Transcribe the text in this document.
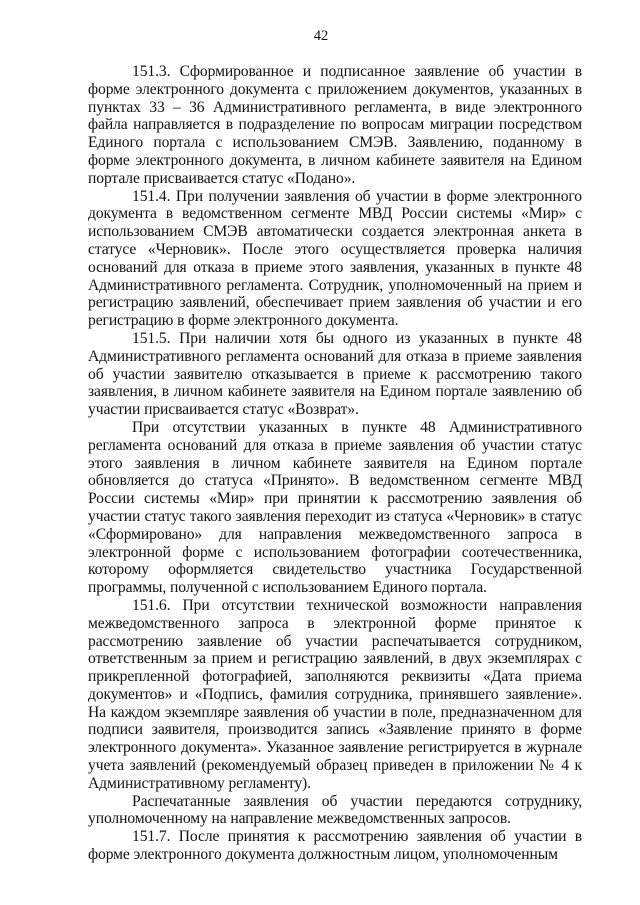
42

151.3. Сформированное и подписанное заявление об участии в форме электронного документа с приложением документов, указанных в пунктах 33 – 36 Административного регламента, в виде электронного файла направляется в подразделение по вопросам миграции посредством Единого портала с использованием СМЭВ. Заявлению, поданному в форме электронного документа, в личном кабинете заявителя на Едином портале присваивается статус «Подано».

151.4. При получении заявления об участии в форме электронного документа в ведомственном сегменте МВД России системы «Мир» с использованием СМЭВ автоматически создается электронная анкета в статусе «Черновик». После этого осуществляется проверка наличия оснований для отказа в приеме этого заявления, указанных в пункте 48 Административного регламента. Сотрудник, уполномоченный на прием и регистрацию заявлений, обеспечивает прием заявления об участии и его регистрацию в форме электронного документа.

151.5. При наличии хотя бы одного из указанных в пункте 48 Административного регламента оснований для отказа в приеме заявления об участии заявителю отказывается в приеме к рассмотрению такого заявления, в личном кабинете заявителя на Едином портале заявлению об участии присваивается статус «Возврат».

При отсутствии указанных в пункте 48 Административного регламента оснований для отказа в приеме заявления об участии статус этого заявления в личном кабинете заявителя на Едином портале обновляется до статуса «Принято». В ведомственном сегменте МВД России системы «Мир» при принятии к рассмотрению заявления об участии статус такого заявления переходит из статуса «Черновик» в статус «Сформировано» для направления межведомственного запроса в электронной форме с использованием фотографии соотечественника, которому оформляется свидетельство участника Государственной программы, полученной с использованием Единого портала.

151.6. При отсутствии технической возможности направления межведомственного запроса в электронной форме принятое к рассмотрению заявление об участии распечатывается сотрудником, ответственным за прием и регистрацию заявлений, в двух экземплярах с прикрепленной фотографией, заполняются реквизиты «Дата приема документов» и «Подпись, фамилия сотрудника, принявшего заявление». На каждом экземпляре заявления об участии в поле, предназначенном для подписи заявителя, производится запись «Заявление принято в форме электронного документа». Указанное заявление регистрируется в журнале учета заявлений (рекомендуемый образец приведен в приложении № 4 к Административному регламенту).

Распечатанные заявления об участии передаются сотруднику, уполномоченному на направление межведомственных запросов.

151.7. После принятия к рассмотрению заявления об участии в форме электронного документа должностным лицом, уполномоченным
